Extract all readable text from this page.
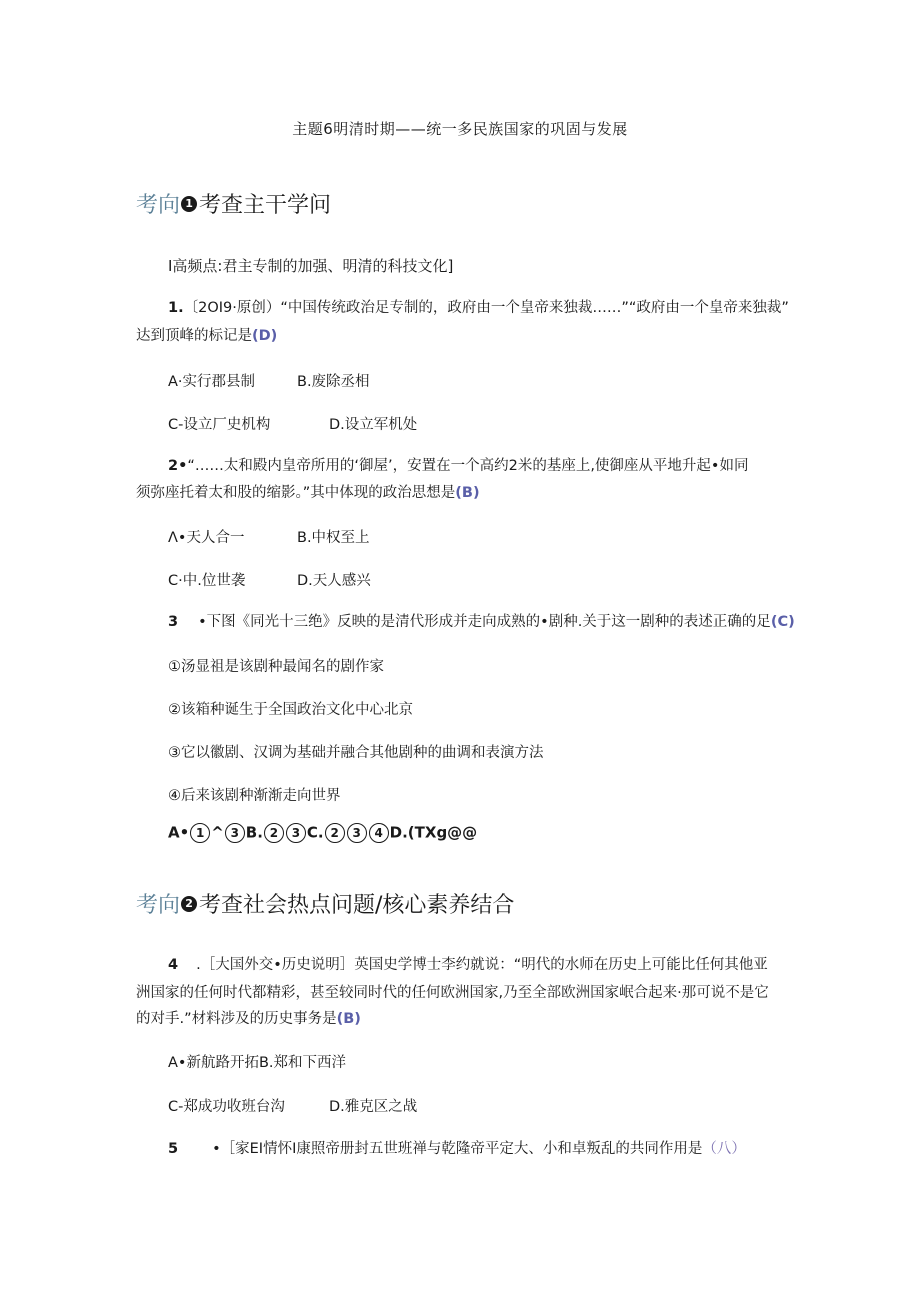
主题6明清时期——统一多民族国家的巩固与发展
考向 1 考查主干学问
I高频点:君主专制的加强、明清的科技文化]
1.〔2OI9·原创）“中国传统政治足专制的，政府由一个皇帝来独裁……”“政府由一个皇帝来独裁”
达到顶峰的标记是(D)
A·实行郡县制	B.废除丞相
C-设立厂史机构	D.设立军机处
2•“……太和殿内皇帝所用的‘御屋’，安置在一个高约2米的基座上,使御座从平地升起•如同
须弥座托着太和股的缩影。”其中体现的政治思想是(B)
Λ•天人合一	B.中权至上
C·中.位世袭	D.天人感兴
3 •下图《同光十三绝》反映的是清代形成并走向成熟的•剧种.关于这一剧种的表述正确的足(C)
①汤显祖是该剧种最闻名的剧作家
②该箱种诞生于全国政治文化中心北京
③它以徽剧、汉调为基础并融合其他剧种的曲调和表演方法
④后来该剧种渐渐走向世界
A• 1 ^ 3 B. 2 3 C. 2 3 4 D.(TXg@@
考向 2 考查社会热点问题/核心素养结合
4 .［大国外交•历史说明］英国史学博士李约就说：“明代的水师在历史上可能比任何其他亚
洲国家的任何时代都精彩，甚至较同时代的任何欧洲国家,乃至全部欧洲国家岷合起来·那可说不是它
的对手.”材料涉及的历史事务是(B)
A•新航路开拓B.郑和下西洋
C-郑成功收班台沟	D.雅克区之战
5 •［家EI情怀I康照帝册封五世班禅与乾隆帝平定大、小和卓叛乱的共同作用是（八）
